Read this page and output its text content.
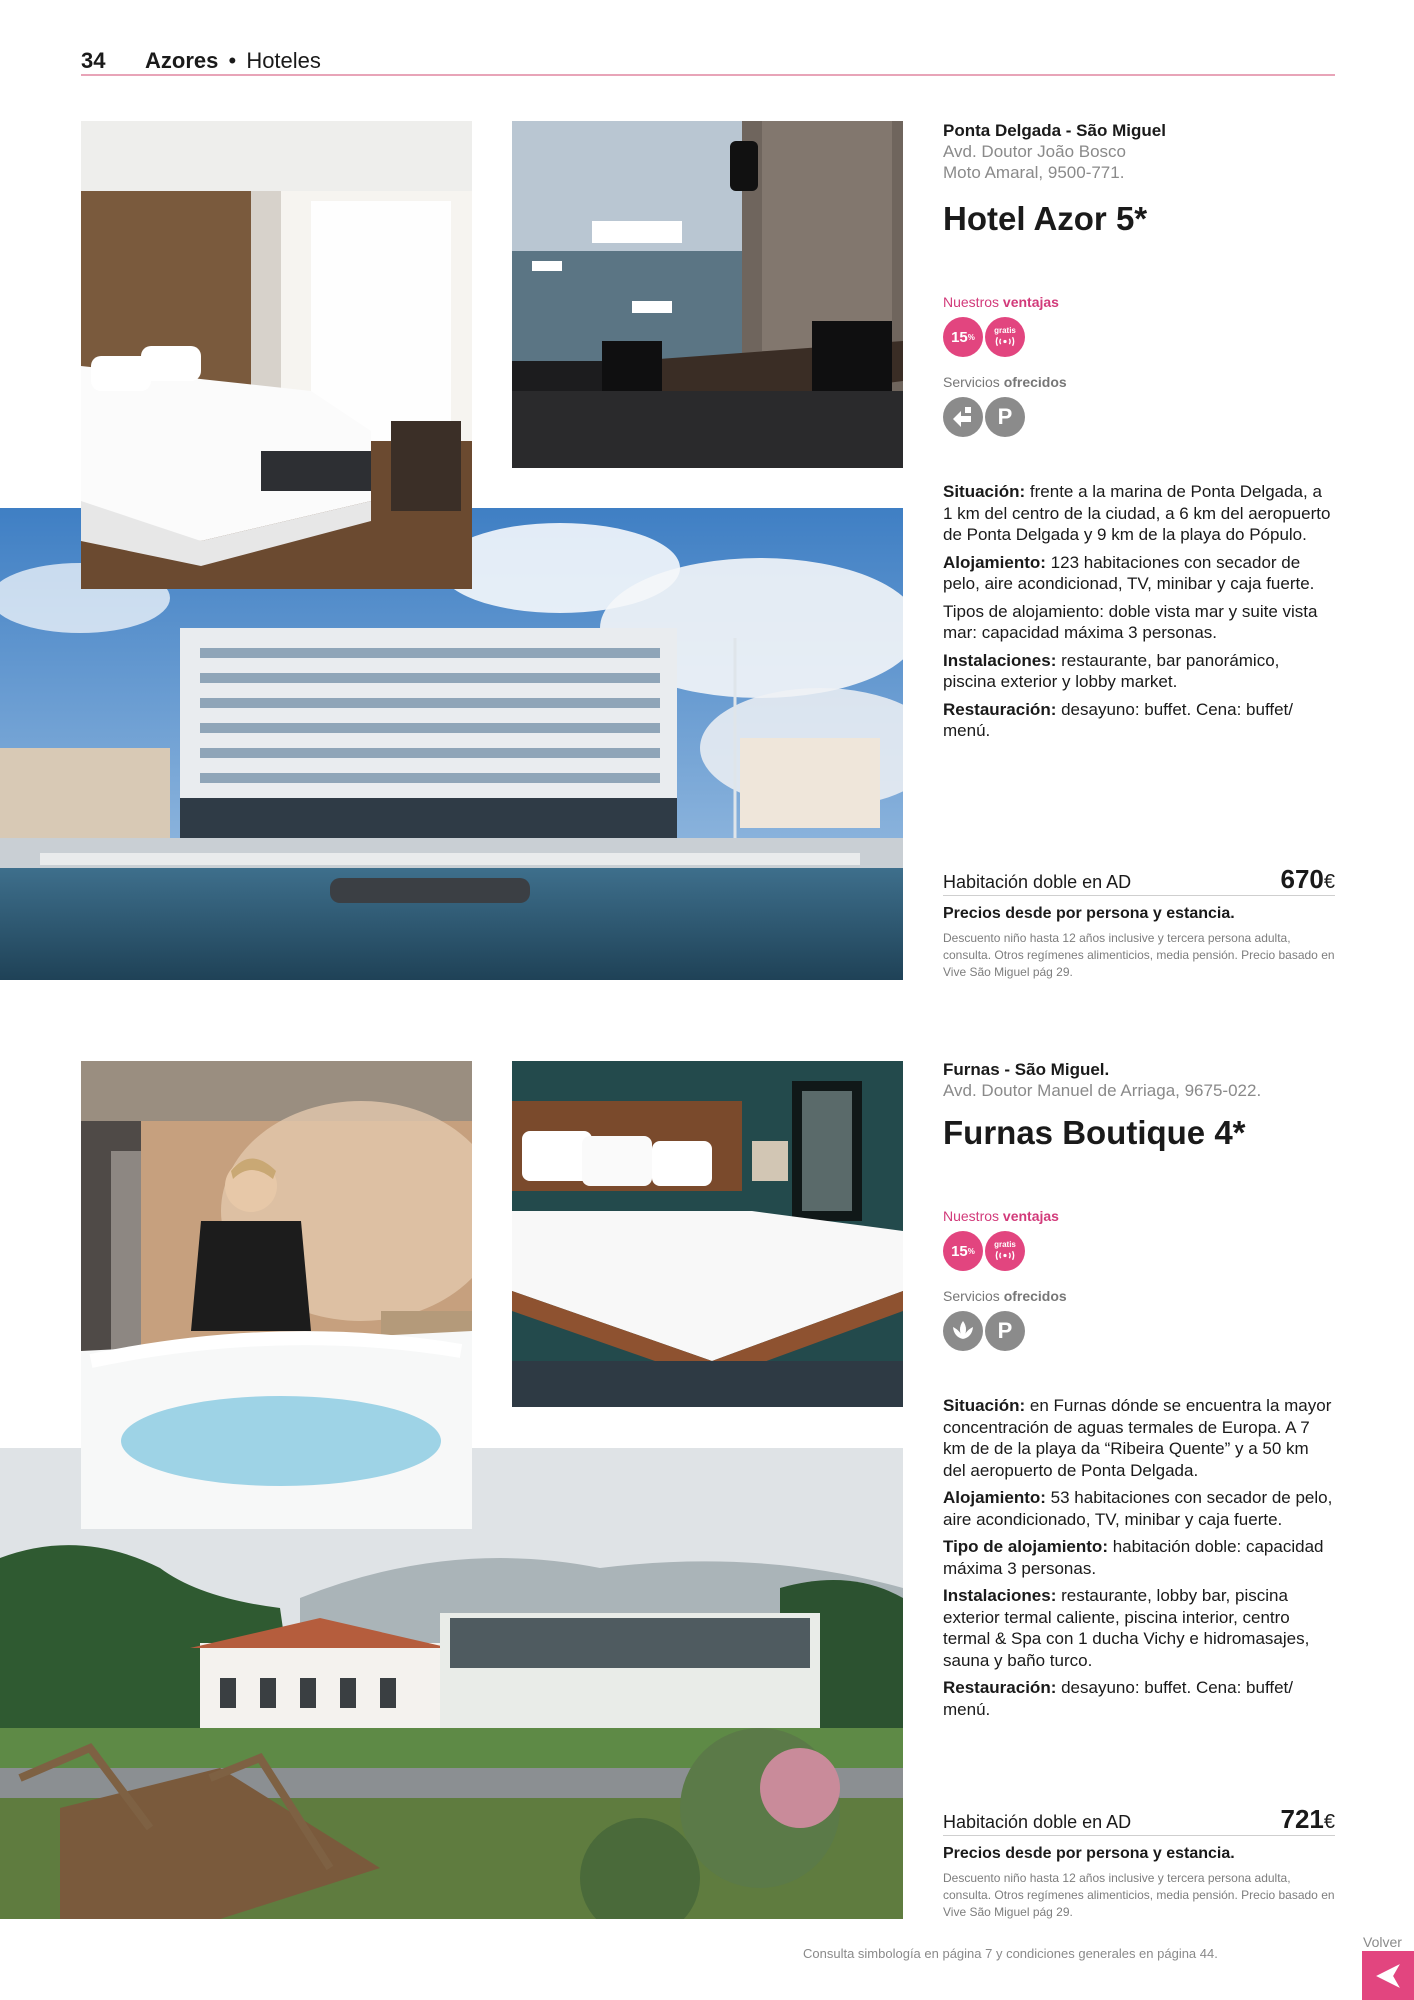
34 Azores • Hoteles
Ponta Delgada - São Miguel
Avd. Doutor João Bosco
Moto Amaral, 9500-771.
Hotel Azor 5*
Nuestros ventajas
15 %
gratis
Servicios ofrecidos
P

Situación: frente a la marina de Ponta Delgada, a 1 km del centro de la ciudad, a 6 km del aeropuerto de Ponta Delgada y 9 km de la playa do Pópulo.

Alojamiento: 123 habitaciones con secador de pelo, aire acondicionad, TV, minibar y caja fuerte.

Tipos de alojamiento: doble vista mar y suite vista mar: capacidad máxima 3 personas.

Instalaciones: restaurante, bar panorámico, piscina exterior y lobby market.

Restauración: desayuno: buffet. Cena: buffet/ menú.

Habitación doble en AD	670€
Precios desde por persona y estancia.
Descuento niño hasta 12 años inclusive y tercera persona adulta, consulta. Otros regímenes alimenticios, media pensión. Precio basado en Vive São Miguel pág 29.
Furnas - São Miguel.
Avd. Doutor Manuel de Arriaga, 9675-022.
Furnas Boutique 4*
Nuestros ventajas
15 %
gratis
Servicios ofrecidos
P

Situación: en Furnas dónde se encuentra la mayor concentración de aguas termales de Europa. A 7 km de de la playa da “Ribeira Quente” y a 50 km del aeropuerto de Ponta Delgada.

Alojamiento: 53 habitaciones con secador de pelo, aire acondicionado, TV, minibar y caja fuerte.

Tipo de alojamiento: habitación doble: capacidad máxima 3 personas.

Instalaciones: restaurante, lobby bar, piscina exterior termal caliente, piscina interior, centro termal & Spa con 1 ducha Vichy e hidromasajes, sauna y baño turco.

Restauración: desayuno: buffet. Cena: buffet/ menú.

Habitación doble en AD	721€
Precios desde por persona y estancia.
Descuento niño hasta 12 años inclusive y tercera persona adulta, consulta. Otros regímenes alimenticios, media pensión. Precio basado en Vive São Miguel pág 29.
Consulta simbología en página 7 y condiciones generales en página 44.
Volver
